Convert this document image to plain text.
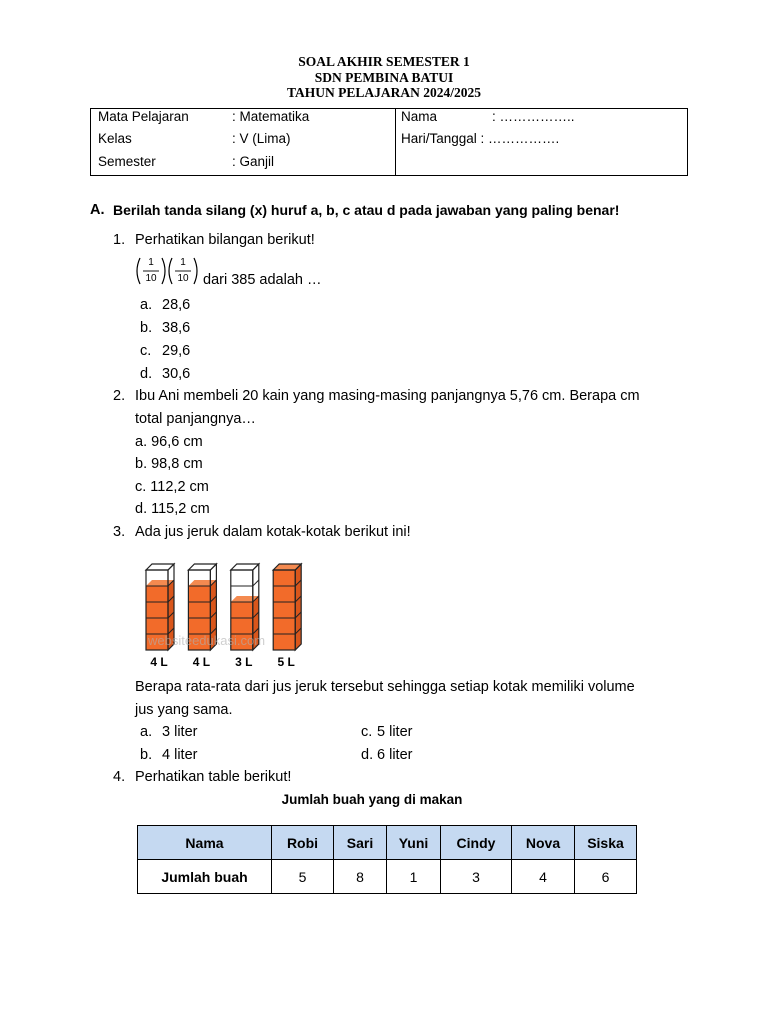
SOAL AKHIR SEMESTER 1
SDN PEMBINA BATUI
TAHUN PELAJARAN 2024/2025
Mata Pelajaran	: Matematika
Kelas	: V (Lima)
Semester	: Ganjil
Nama	: ……………..
Hari/Tanggal : …………….
A. Berilah tanda silang (x) huruf a, b, c atau d pada jawaban yang paling benar!
1. Perhatikan bilangan berikut!
1
10
1
10 dari 385 adalah …
a. 28,6
b. 38,6
c. 29,6
d. 30,6
2. Ibu Ani membeli 20 kain yang masing-masing panjangnya 5,76 cm. Berapa cm
total panjangnya…
a. 96,6 cm
b. 98,8 cm
c. 112,2 cm
d. 115,2 cm
3. Ada jus jeruk dalam kotak-kotak berikut ini!
4 L 4 L 3 L 5 L
websiteedukasi.com
Berapa rata-rata dari jus jeruk tersebut sehingga setiap kotak memiliki volume
jus yang sama.
a. 3 liter	c. 5 liter
b. 4 liter	d. 6 liter
4. Perhatikan table berikut!
Jumlah buah yang di makan
Nama	Robi	Sari	Yuni	Cindy	Nova	Siska
Jumlah buah	5	8	1	3	4	6
